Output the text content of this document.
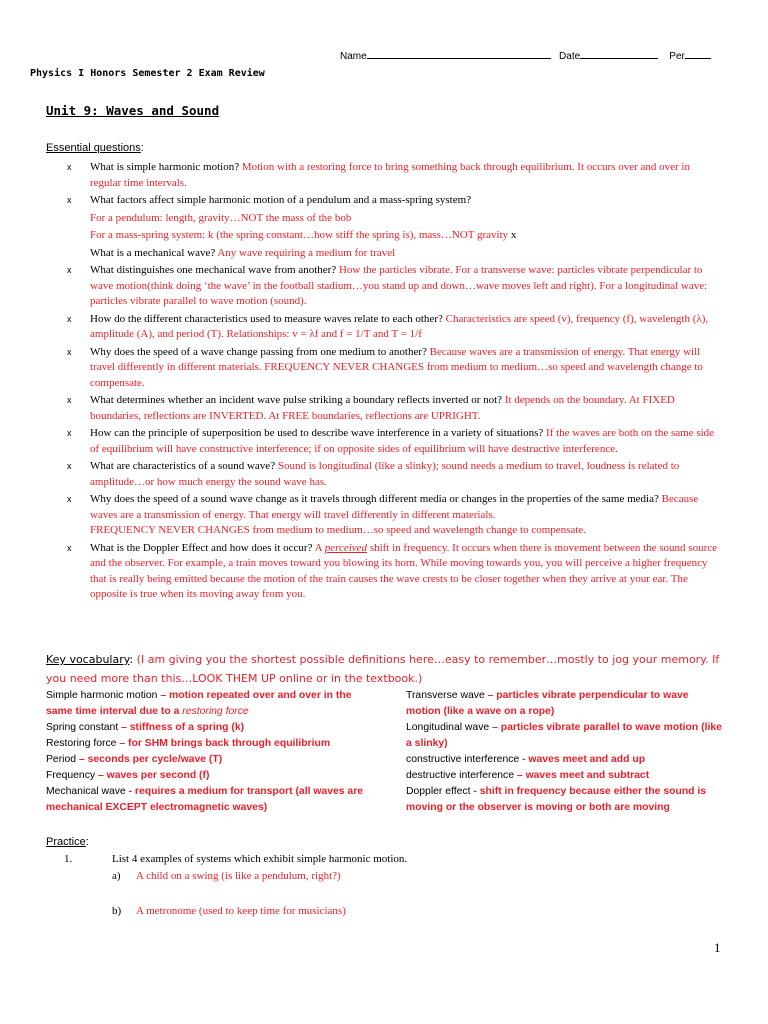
Name	Date	Per
Physics I Honors Semester 2 Exam Review
Unit 9: Waves and Sound
Essential questions:
x What is simple harmonic motion? Motion with a restoring force to bring something back through equilibrium. It occurs over and over in regular time intervals.
x What factors affect simple harmonic motion of a pendulum and a mass-spring system?
For a pendulum: length, gravity…NOT the mass of the bob
For a mass-spring system: k (the spring constant…how stiff the spring is), mass…NOT gravity x
What is a mechanical wave? Any wave requiring a medium for travel
x What distinguishes one mechanical wave from another? How the particles vibrate. For a transverse wave: particles vibrate perpendicular to wave motion(think doing ‘the wave’ in the football stadium…you stand up and down…wave moves left and right). For a longitudinal wave: particles vibrate parallel to wave motion (sound).
x How do the different characteristics used to measure waves relate to each other? Characteristics are speed (v), frequency (f), wavelength (λ), amplitude (A), and period (T). Relationships: v = λf and f = 1/T and T = 1/f
x Why does the speed of a wave change passing from one medium to another? Because waves are a transmission of energy. That energy will travel differently in different materials. FREQUENCY NEVER CHANGES from medium to medium…so speed and wavelength change to compensate.
x What determines whether an incident wave pulse striking a boundary reflects inverted or not? It depends on the boundary. At FIXED boundaries, reflections are INVERTED. At FREE boundaries, reflections are UPRIGHT.
x How can the principle of superposition be used to describe wave interference in a variety of situations? If the waves are both on the same side of equilibrium will have constructive interference; if on opposite sides of equilibrium will have destructive interference.
x What are characteristics of a sound wave? Sound is longitudinal (like a slinky); sound needs a medium to travel, loudness is related to amplitude…or how much energy the sound wave has.
x Why does the speed of a sound wave change as it travels through different media or changes in the properties of the same media? Because waves are a transmission of energy. That energy will travel differently in different materials.
FREQUENCY NEVER CHANGES from medium to medium…so speed and wavelength change to compensate.
x What is the Doppler Effect and how does it occur? A perceived shift in frequency. It occurs when there is movement between the sound source and the observer. For example, a train moves toward you blowing its horn. While moving towards you, you will perceive a higher frequency that is really being emitted because the motion of the train causes the wave crests to be closer together when they arrive at your ear. The opposite is true when its moving away from you.
Key vocabulary: (I am giving you the shortest possible definitions here…easy to remember…mostly to jog your memory. If you need more than this…LOOK THEM UP online or in the textbook.)
Simple harmonic motion – motion repeated over and over in the same time interval due to a restoring force
Spring constant – stiffness of a spring (k)
Restoring force – for SHM brings back through equilibrium
Period – seconds per cycle/wave (T)
Frequency – waves per second (f)
Mechanical wave - requires a medium for transport (all waves are mechanical EXCEPT electromagnetic waves)
Transverse wave – particles vibrate perpendicular to wave motion (like a wave on a rope)
Longitudinal wave – particles vibrate parallel to wave motion (like a slinky)
constructive interference - waves meet and add up
destructive interference – waves meet and subtract
Doppler effect - shift in frequency because either the sound is moving or the observer is moving or both are moving
Practice:
1.	List 4 examples of systems which exhibit simple harmonic motion.
a) A child on a swing (is like a pendulum, right?)
b) A metronome (used to keep time for musicians)
1
